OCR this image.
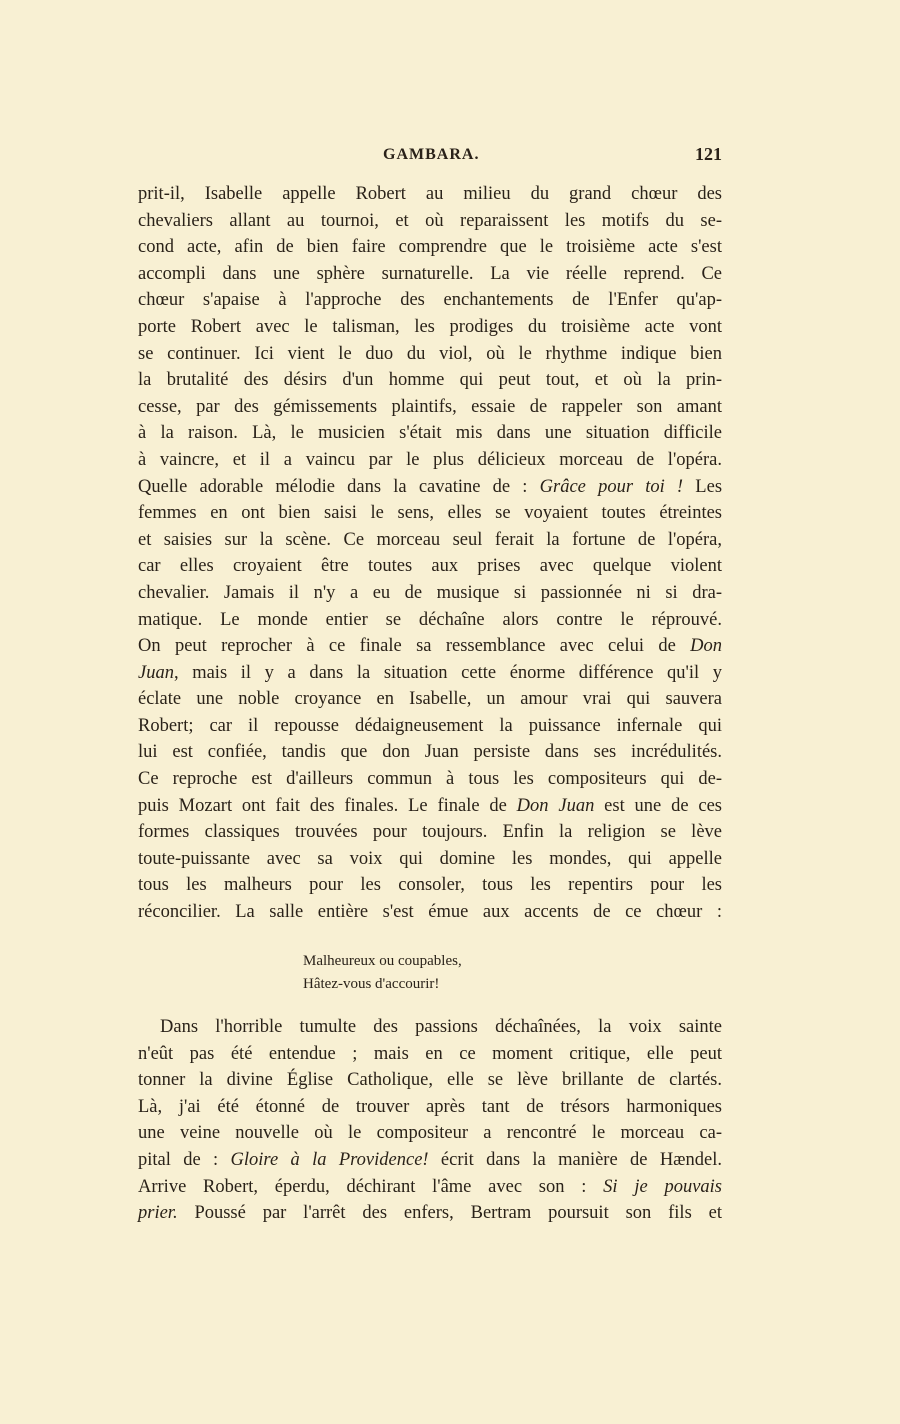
GAMBARA.	121
prit-il, Isabelle appelle Robert au milieu du grand chœur des
chevaliers allant au tournoi, et où reparaissent les motifs du se-
cond acte, afin de bien faire comprendre que le troisième acte s'est
accompli dans une sphère surnaturelle. La vie réelle reprend. Ce
chœur s'apaise à l'approche des enchantements de l'Enfer qu'ap-
porte Robert avec le talisman, les prodiges du troisième acte vont
se continuer. Ici vient le duo du viol, où le rhythme indique bien
la brutalité des désirs d'un homme qui peut tout, et où la prin-
cesse, par des gémissements plaintifs, essaie de rappeler son amant
à la raison. Là, le musicien s'était mis dans une situation difficile
à vaincre, et il a vaincu par le plus délicieux morceau de l'opéra.
Quelle adorable mélodie dans la cavatine de : Grâce pour toi ! Les
femmes en ont bien saisi le sens, elles se voyaient toutes étreintes
et saisies sur la scène. Ce morceau seul ferait la fortune de l'opéra,
car elles croyaient être toutes aux prises avec quelque violent
chevalier. Jamais il n'y a eu de musique si passionnée ni si dra-
matique. Le monde entier se déchaîne alors contre le réprouvé.
On peut reprocher à ce finale sa ressemblance avec celui de Don
Juan, mais il y a dans la situation cette énorme différence qu'il y
éclate une noble croyance en Isabelle, un amour vrai qui sauvera
Robert; car il repousse dédaigneusement la puissance infernale qui
lui est confiée, tandis que don Juan persiste dans ses incrédulités.
Ce reproche est d'ailleurs commun à tous les compositeurs qui de-
puis Mozart ont fait des finales. Le finale de Don Juan est une de ces
formes classiques trouvées pour toujours. Enfin la religion se lève
toute-puissante avec sa voix qui domine les mondes, qui appelle
tous les malheurs pour les consoler, tous les repentirs pour les
réconcilier. La salle entière s'est émue aux accents de ce chœur :
Malheureux ou coupables,
Hâtez-vous d'accourir!
Dans l'horrible tumulte des passions déchaînées, la voix sainte
n'eût pas été entendue ; mais en ce moment critique, elle peut
tonner la divine Église Catholique, elle se lève brillante de clartés.
Là, j'ai été étonné de trouver après tant de trésors harmoniques
une veine nouvelle où le compositeur a rencontré le morceau ca-
pital de : Gloire à la Providence! écrit dans la manière de Hændel.
Arrive Robert, éperdu, déchirant l'âme avec son : Si je pouvais
prier. Poussé par l'arrêt des enfers, Bertram poursuit son fils et
